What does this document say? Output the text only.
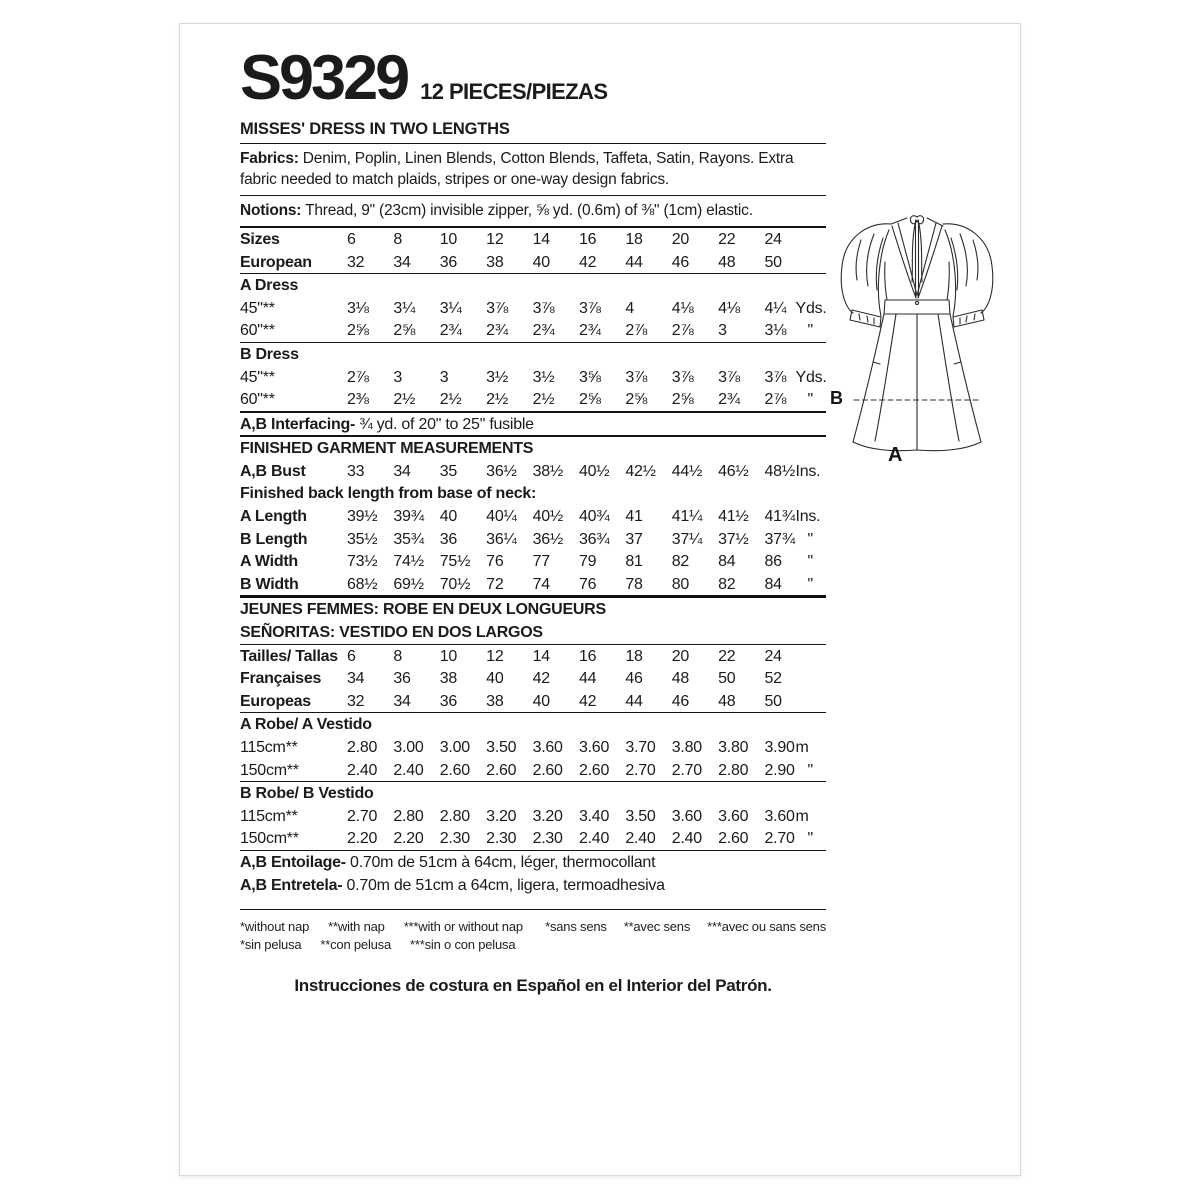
S9329 12 PIECES/PIEZAS
MISSES' DRESS IN TWO LENGTHS
Fabrics: Denim, Poplin, Linen Blends, Cotton Blends, Taffeta, Satin, Rayons. Extra fabric needed to match plaids, stripes or one-way design fabrics.
Notions: Thread, 9" (23cm) invisible zipper, ⅝ yd. (0.6m) of ⅜" (1cm) elastic.
Sizes	6	8	10	12	14	16	18	20	22	24
European	32	34	36	38	40	42	44	46	48	50
A Dress
45"**	3⅛	3¼	3¼	3⅞	3⅞	3⅞	4	4⅛	4⅛	4¼ Yds.
60"**	2⅝	2⅝	2¾	2¾	2¾	2¾	2⅞	2⅞	3	3⅛	"
B Dress
45"**	2⅞	3	3	3½	3½	3⅝	3⅞	3⅞	3⅞	3⅞ Yds.
60"**	2⅜	2½	2½	2½	2½	2⅝	2⅝	2⅝	2¾	2⅞	"
A,B Interfacing- ¾ yd. of 20" to 25" fusible
FINISHED GARMENT MEASUREMENTS
A,B Bust	33	34	35	36½	38½	40½	42½	44½	46½	48½ Ins.
Finished back length from base of neck:
A Length	39½	39¾	40	40¼	40½	40¾	41	41¼	41½	41¾ Ins.
B Length	35½	35¾	36	36¼	36½	36¾	37	37¼	37½	37¾ "
A Width	73½	74½	75½	76	77	79	81	82	84	86	"
B Width	68½	69½	70½	72	74	76	78	80	82	84	"
JEUNES FEMMES: ROBE EN DEUX LONGUEURS
SEÑORITAS: VESTIDO EN DOS LARGOS
Tailles/ Tallas 6	8	10	12	14	16	18	20	22	24
Françaises	34	36	38	40	42	44	46	48	50	52
Europeas	32	34	36	38	40	42	44	46	48	50
A Robe/ A Vestido
115cm**	2.80	3.00	3.00	3.50	3.60	3.60	3.70	3.80	3.80	3.90 m
150cm**	2.40	2.40	2.60	2.60	2.60	2.60	2.70	2.70	2.80	2.90 "
B Robe/ B Vestido
115cm**	2.70	2.80	2.80	3.20	3.20	3.40	3.50	3.60	3.60	3.60 m
150cm**	2.20	2.20	2.30	2.30	2.30	2.40	2.40	2.40	2.60	2.70 "
A,B Entoilage- 0.70m de 51cm à 64cm, léger, thermocollant
A,B Entretela- 0.70m de 51cm a 64cm, ligera, termoadhesiva
*without nap **with nap ***with or without nap
*sin pelusa **con pelusa ***sin o con pelusa
*sans sens **avec sens ***avec ou sans sens
Instrucciones de costura en Español en el Interior del Patrón.
B
A
